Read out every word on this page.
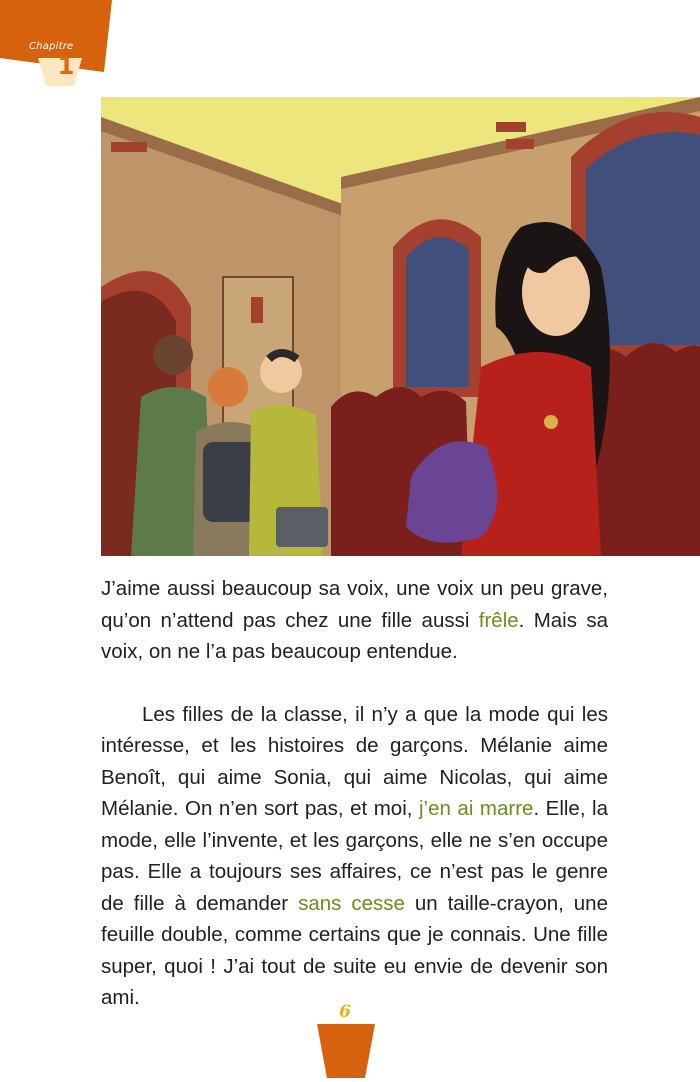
Chapitre
1

J’aime aussi beaucoup sa voix, une voix un peu grave, qu’on n’attend pas chez une fille aussi frêle. Mais sa voix, on ne l’a pas beaucoup entendue.

Les filles de la classe, il n’y a que la mode qui les intéresse, et les histoires de garçons. Mélanie aime Benoît, qui aime Sonia, qui aime Nicolas, qui aime Mélanie. On n’en sort pas, et moi, j’en ai marre. Elle, la mode, elle l’invente, et les garçons, elle ne s’en occupe pas. Elle a toujours ses affaires, ce n’est pas le genre de fille à demander sans cesse un taille-crayon, une feuille double, comme certains que je connais. Une fille super, quoi ! J’ai tout de suite eu envie de devenir son ami.

6
